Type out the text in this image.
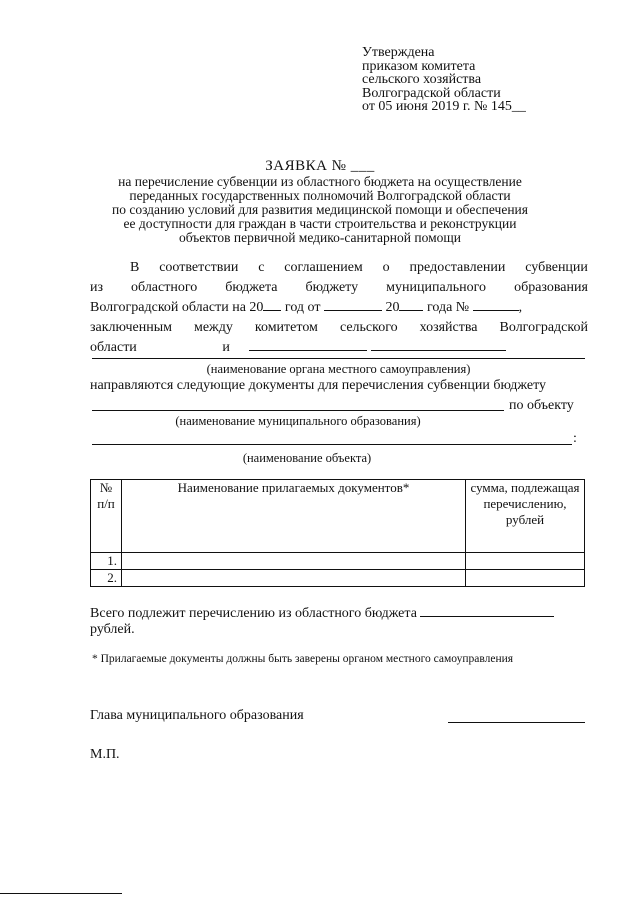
Утверждена
приказом комитета
сельского хозяйства
Волгоградской области
от 05 июня 2019 г. № 145__
ЗАЯВКА № ___
на перечисление субвенции из областного бюджета на осуществление
переданных государственных полномочий Волгоградской области
по созданию условий для развития медицинской помощи и обеспечения
ее доступности для граждан в части строительства и реконструкции
объектов первичной медико-санитарной помощи
В соответствии с соглашением о предоставлении субвенции
из областного бюджета бюджету муниципального образования
Волгоградской области на 20 год от	20 года №	,
заключенным между комитетом сельского хозяйства Волгоградской
области	и
(наименование органа местного самоуправления)
направляются следующие документы для перечисления субвенции бюджету
по объекту
(наименование муниципального образования)
:
(наименование объекта)
№ п/п	Наименование прилагаемых документов*	сумма, подлежащая перечислению, рублей
1.		
2.		
Всего подлежит перечислению из областного бюджета
рублей.
* Прилагаемые документы должны быть заверены органом местного самоуправления
Глава муниципального образования
М.П.
